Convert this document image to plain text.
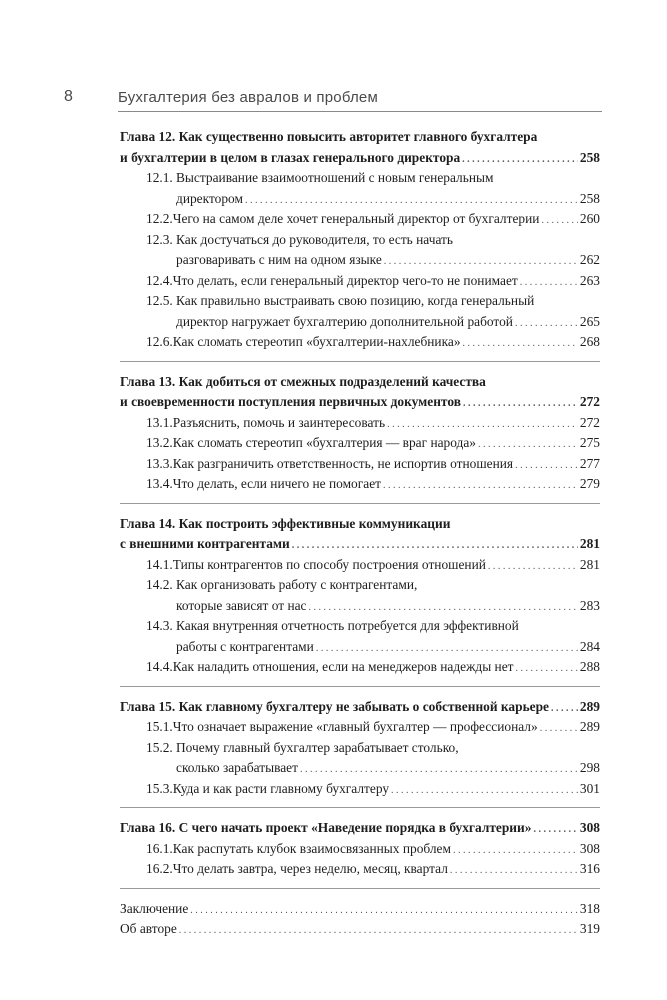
8	Бухгалтерия без авралов и проблем
Глава 12. Как существенно повысить авторитет главного бухгалтера
и бухгалтерии в целом в глазах генерального директора . . .	258
12.1. Выстраивание взаимоотношений с новым генеральным
директором . . .	258
12.2. Чего на самом деле хочет генеральный директор от бухгалтерии . . .	260
12.3. Как достучаться до руководителя, то есть начать
разговаривать с ним на одном языке . . .	262
12.4. Что делать, если генеральный директор чего-то не понимает . . .	263
12.5. Как правильно выстраивать свою позицию, когда генеральный
директор нагружает бухгалтерию дополнительной работой . . .	265
12.6. Как сломать стереотип «бухгалтерии-нахлебника» . . .	268
Глава 13. Как добиться от смежных подразделений качества
и своевременности поступления первичных документов . . .	272
13.1. Разъяснить, помочь и заинтересовать . . .	272
13.2. Как сломать стереотип «бухгалтерия — враг народа» . . .	275
13.3. Как разграничить ответственность, не испортив отношения . . .	277
13.4. Что делать, если ничего не помогает . . .	279
Глава 14. Как построить эффективные коммуникации
с внешними контрагентами . . .	281
14.1. Типы контрагентов по способу построения отношений . . .	281
14.2. Как организовать работу с контрагентами,
которые зависят от нас . . .	283
14.3. Какая внутренняя отчетность потребуется для эффективной
работы с контрагентами . . .	284
14.4. Как наладить отношения, если на менеджеров надежды нет . . .	288
Глава 15. Как главному бухгалтеру не забывать о собственной карьере . . . 289
15.1. Что означает выражение «главный бухгалтер — профессионал» . . .	289
15.2. Почему главный бухгалтер зарабатывает столько,
сколько зарабатывает . . .	298
15.3. Куда и как расти главному бухгалтеру . . .	301
Глава 16. С чего начать проект «Наведение порядка в бухгалтерии» . . .	308
16.1. Как распутать клубок взаимосвязанных проблем . . .	308
16.2. Что делать завтра, через неделю, месяц, квартал . . .	316
Заключение . . .	318
Об авторе . . .	319
